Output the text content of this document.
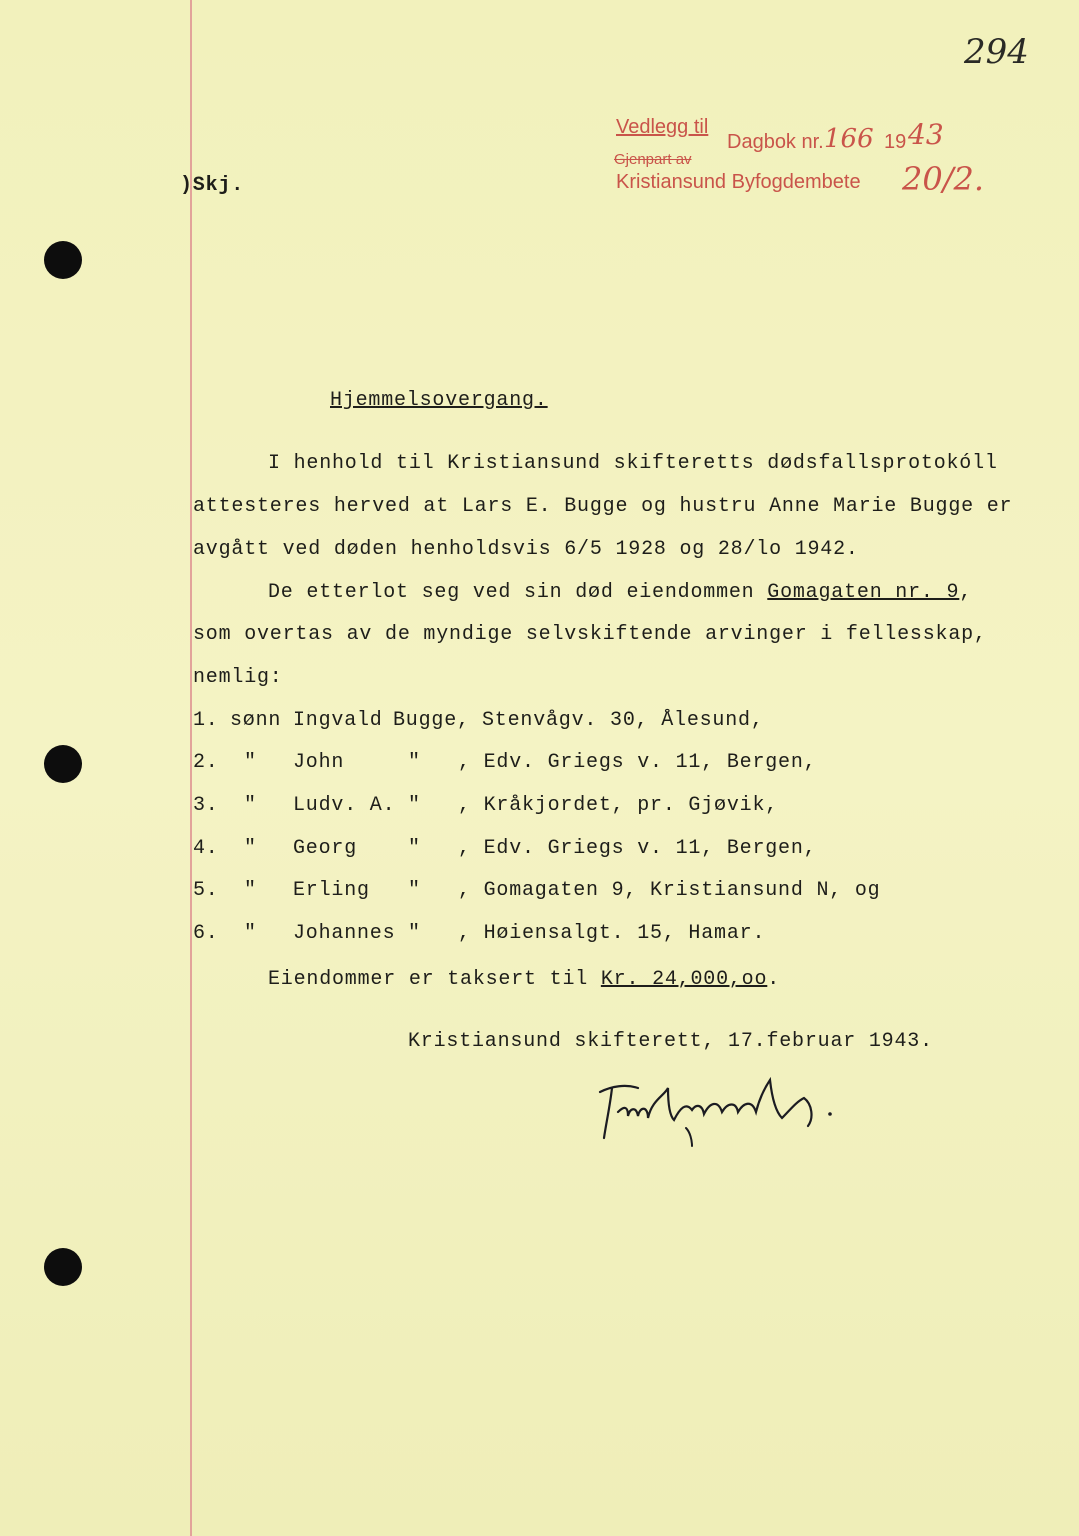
294
Vedlegg til
Dagbok nr. 166 19 43
Gjenpart av
Kristiansund Byfogdembete 20/2.
)Skj.
Hjemmelsovergang.
I henhold til Kristiansund skifteretts dødsfallsprotokóll
attesteres herved at Lars E. Bugge og hustru Anne Marie Bugge er
avgått ved døden henholdsvis 6/5 1928 og 28/lo 1942.
De etterlot seg ved sin død eiendommen Gomagaten nr. 9,
som overtas av de myndige selvskiftende arvinger i fellesskap,
nemlig:
1. sønn Ingvald Bugge, Stenvågv. 30, Ålesund,
2. " John	" , Edv. Griegs v. 11, Bergen,
3. " Ludv. A. " , Kråkjordet, pr. Gjøvik,
4. " Georg	" , Edv. Griegs v. 11, Bergen,
5. " Erling " , Gomagaten 9, Kristiansund N, og
6. " Johannes " , Høiensalgt. 15, Hamar.
Eiendommer er taksert til Kr. 24,000,oo.
Kristiansund skifterett, 17.februar 1943.
